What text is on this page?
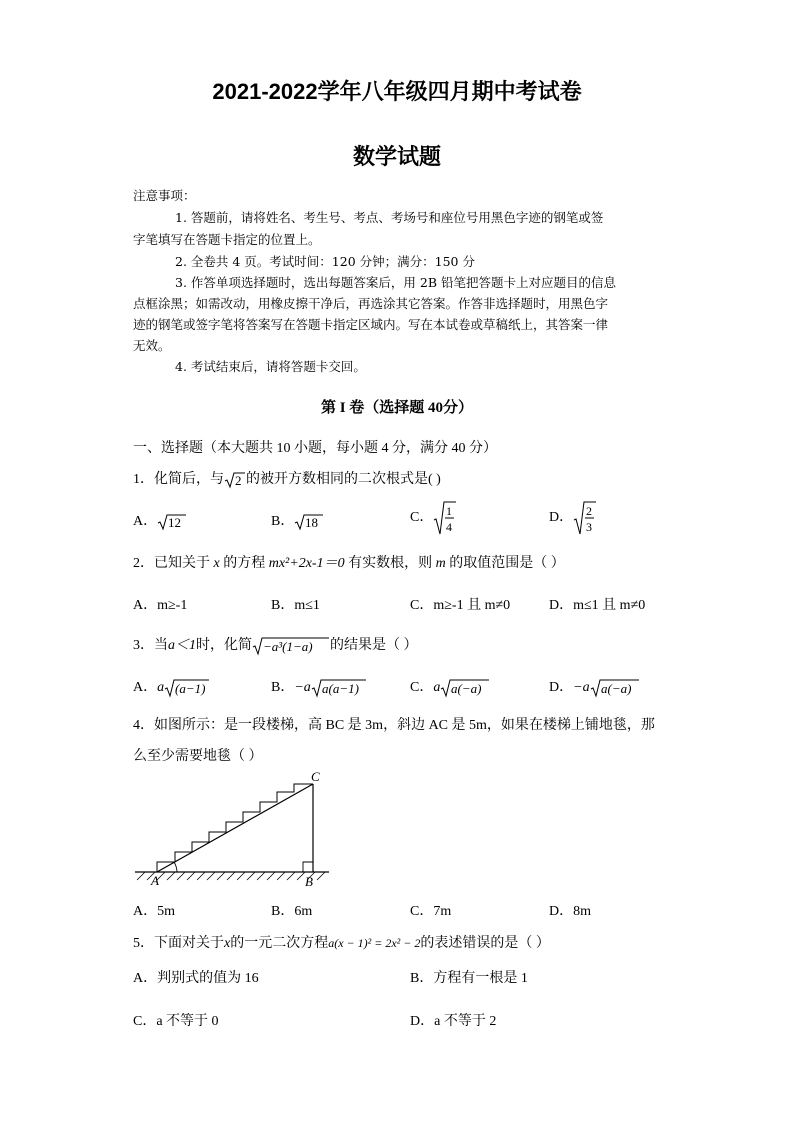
2021-2022学年八年级四月期中考试卷
数学试题
注意事项：
1. 答题前，请将姓名、考生号、考点、考场号和座位号用黑色字迹的钢笔或签
字笔填写在答题卡指定的位置上。
2. 全卷共 4 页。考试时间：120 分钟；满分：150 分
3. 作答单项选择题时，选出每题答案后，用 2B 铅笔把答题卡上对应题目的信息
点框涂黑；如需改动，用橡皮擦干净后，再选涂其它答案。作答非选择题时，用黑色字
迹的钢笔或签字笔将答案写在答题卡指定区域内。写在本试卷或草稿纸上，其答案一律
无效。
4. 考试结束后，请将答题卡交回。
第 I 卷（选择题 40分）
一、选择题（本大题共 10 小题，每小题 4 分，满分 40 分）
1．化简后，与 2 的被开方数相同的二次根式是( )
A． 12	B． 18	C． 1
4
D． 2
3
2．已知关于 x 的方程 mx²+2x-1＝0 有实数根，则 m 的取值范围是（ ）
A．m≥-1	B．m≤1	C．m≥-1 且 m≠0	D．m≤1 且 m≠0
3．当a＜1时，化简 −a³(1−a) 的结果是（ ）
A．a (a−1)	B．−a a(a−1)	C．a a(−a)	D．−a a(−a)
4．如图所示：是一段楼梯，高 BC 是 3m，斜边 AC 是 5m，如果在楼梯上铺地毯，那
么至少需要地毯（ ）
A	B
C
A．5m	B．6m	C．7m	D．8m
5．下面对关于x的一元二次方程a(x − 1)² = 2x² − 2的表述错误的是（ ）
A．判别式的值为 16	B．方程有一根是 1
C．a 不等于 0	D．a 不等于 2
